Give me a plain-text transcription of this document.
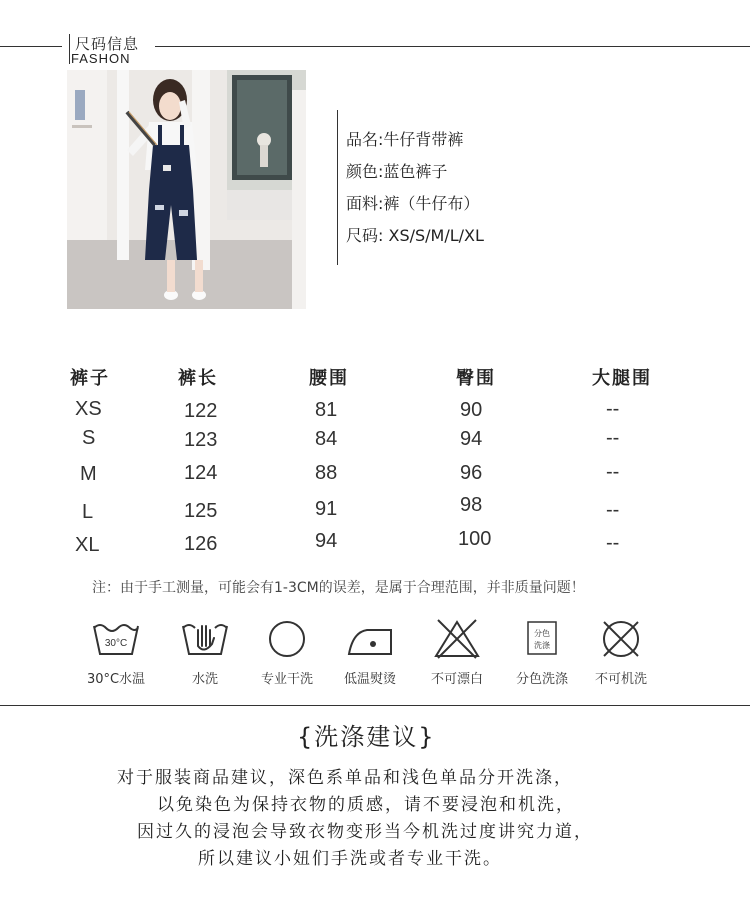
尺码信息
FASHON
品名:牛仔背带裤
颜色:蓝色裤子
面料:裤（牛仔布）
尺码: XS/S/M/L/XL
裤子	裤长	腰围	臀围	大腿围
XS	122	81	90	--
S	123	84	94	--
M	124	88	96	--
L	125	91	98	--
XL	126	94	100	--
注：由于手工测量，可能会有1-3CM的误差，是属于合理范围，并非质量问题！
30°C
30°C水温	水洗	专业干洗	低温熨烫	不可漂白
分色
洗涤
分色洗涤	不可机洗
{洗涤建议}
对于服装商品建议，深色系单品和浅色单品分开洗涤，
以免染色为保持衣物的质感，请不要浸泡和机洗，
因过久的浸泡会导致衣物变形当今机洗过度讲究力道，
所以建议小妞们手洗或者专业干洗。
